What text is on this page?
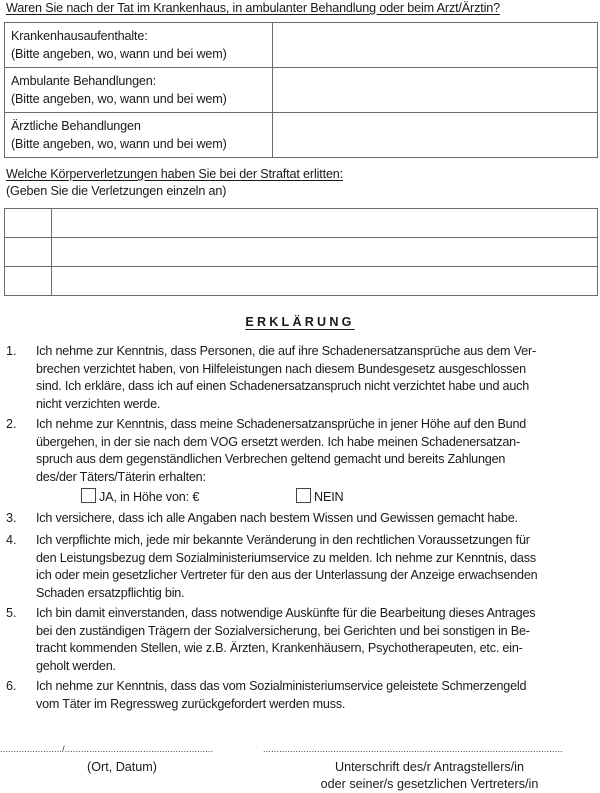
Waren Sie nach der Tat im Krankenhaus, in ambulanter Behandlung oder beim Arzt/Ärztin?
Krankenhausaufenthalte:
(Bitte angeben, wo, wann und bei wem)	

Ambulante Behandlungen:
(Bitte angeben, wo, wann und bei wem)	

Ärztliche Behandlungen
(Bitte angeben, wo, wann und bei wem)	

Welche Körperverletzungen haben Sie bei der Straftat erlitten:
(Geben Sie die Verletzungen einzeln an)

ERKLÄRUNG
1. Ich nehme zur Kenntnis, dass Personen, die auf ihre Schadenersatzansprüche aus dem Ver-
brechen verzichtet haben, von Hilfeleistungen nach diesem Bundesgesetz ausgeschlossen
sind. Ich erkläre, dass ich auf einen Schadenersatzanspruch nicht verzichtet habe und auch
nicht verzichten werde.
2. Ich nehme zur Kenntnis, dass meine Schadenersatzansprüche in jener Höhe auf den Bund
übergehen, in der sie nach dem VOG ersetzt werden. Ich habe meinen Schadenersatzan-
spruch aus dem gegenständlichen Verbrechen geltend gemacht und bereits Zahlungen
des/der Täters/Täterin erhalten:
JA, in Höhe von: €	NEIN
3. Ich versichere, dass ich alle Angaben nach bestem Wissen und Gewissen gemacht habe.
4. Ich verpflichte mich, jede mir bekannte Veränderung in den rechtlichen Voraussetzungen für
den Leistungsbezug dem Sozialministeriumservice zu melden. Ich nehme zur Kenntnis, dass
ich oder mein gesetzlicher Vertreter für den aus der Unterlassung der Anzeige erwachsenden
Schaden ersatzpflichtig bin.
5. Ich bin damit einverstanden, dass notwendige Auskünfte für die Bearbeitung dieses Antrages
bei den zuständigen Trägern der Sozialversicherung, bei Gerichten und bei sonstigen in Be-
tracht kommenden Stellen, wie z.B. Ärzten, Krankenhäusern, Psychotherapeuten, etc. ein-
geholt werden.
6. Ich nehme zur Kenntnis, dass das vom Sozialministeriumservice geleistete Schmerzengeld
vom Täter im Regressweg zurückgefordert werden muss.
......................./.......................................................	...............................................................................................................
(Ort, Datum)	Unterschrift des/r Antragstellers/in
oder seiner/s gesetzlichen Vertreters/in
